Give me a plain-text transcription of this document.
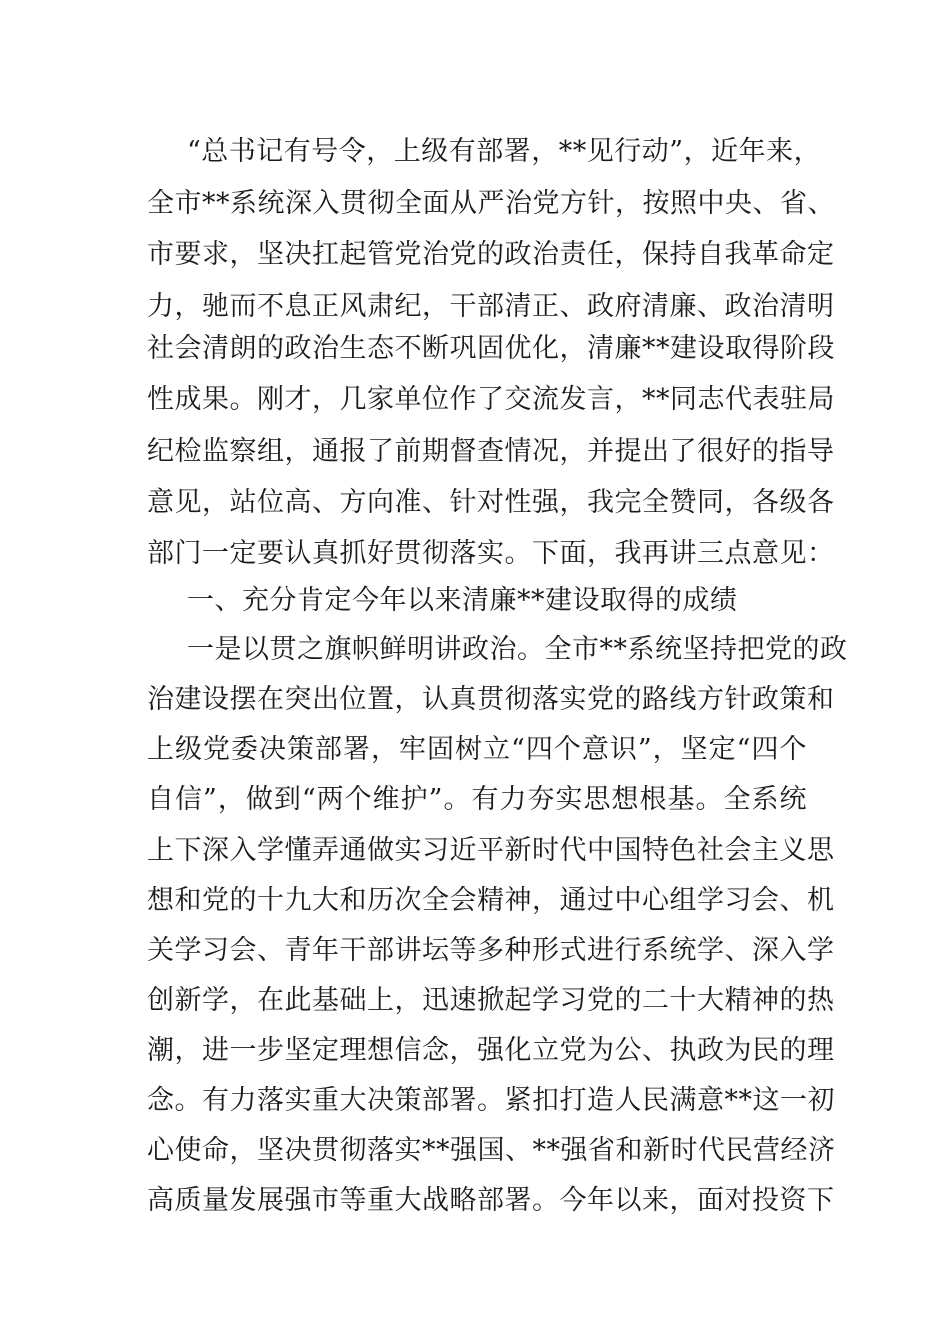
“总书记有号令，上级有部署，**见行动”，近年来，
全市**系统深入贯彻全面从严治党方针，按照中央、省、
市要求，坚决扛起管党治党的政治责任，保持自我革命定
力，驰而不息正风肃纪，干部清正、政府清廉、政治清明
社会清朗的政治生态不断巩固优化，清廉**建设取得阶段
性成果。刚才，几家单位作了交流发言，**同志代表驻局
纪检监察组，通报了前期督查情况，并提出了很好的指导
意见，站位高、方向准、针对性强，我完全赞同，各级各
部门一定要认真抓好贯彻落实。下面，我再讲三点意见：
一、充分肯定今年以来清廉**建设取得的成绩
一是以贯之旗帜鲜明讲政治。全市**系统坚持把党的政
治建设摆在突出位置，认真贯彻落实党的路线方针政策和
上级党委决策部署，牢固树立“四个意识”，坚定“四个
自信”，做到“两个维护”。有力夯实思想根基。全系统
上下深入学懂弄通做实习近平新时代中国特色社会主义思
想和党的十九大和历次全会精神，通过中心组学习会、机
关学习会、青年干部讲坛等多种形式进行系统学、深入学
创新学，在此基础上，迅速掀起学习党的二十大精神的热
潮，进一步坚定理想信念，强化立党为公、执政为民的理
念。有力落实重大决策部署。紧扣打造人民满意**这一初
心使命，坚决贯彻落实**强国、**强省和新时代民营经济
高质量发展强市等重大战略部署。今年以来，面对投资下
